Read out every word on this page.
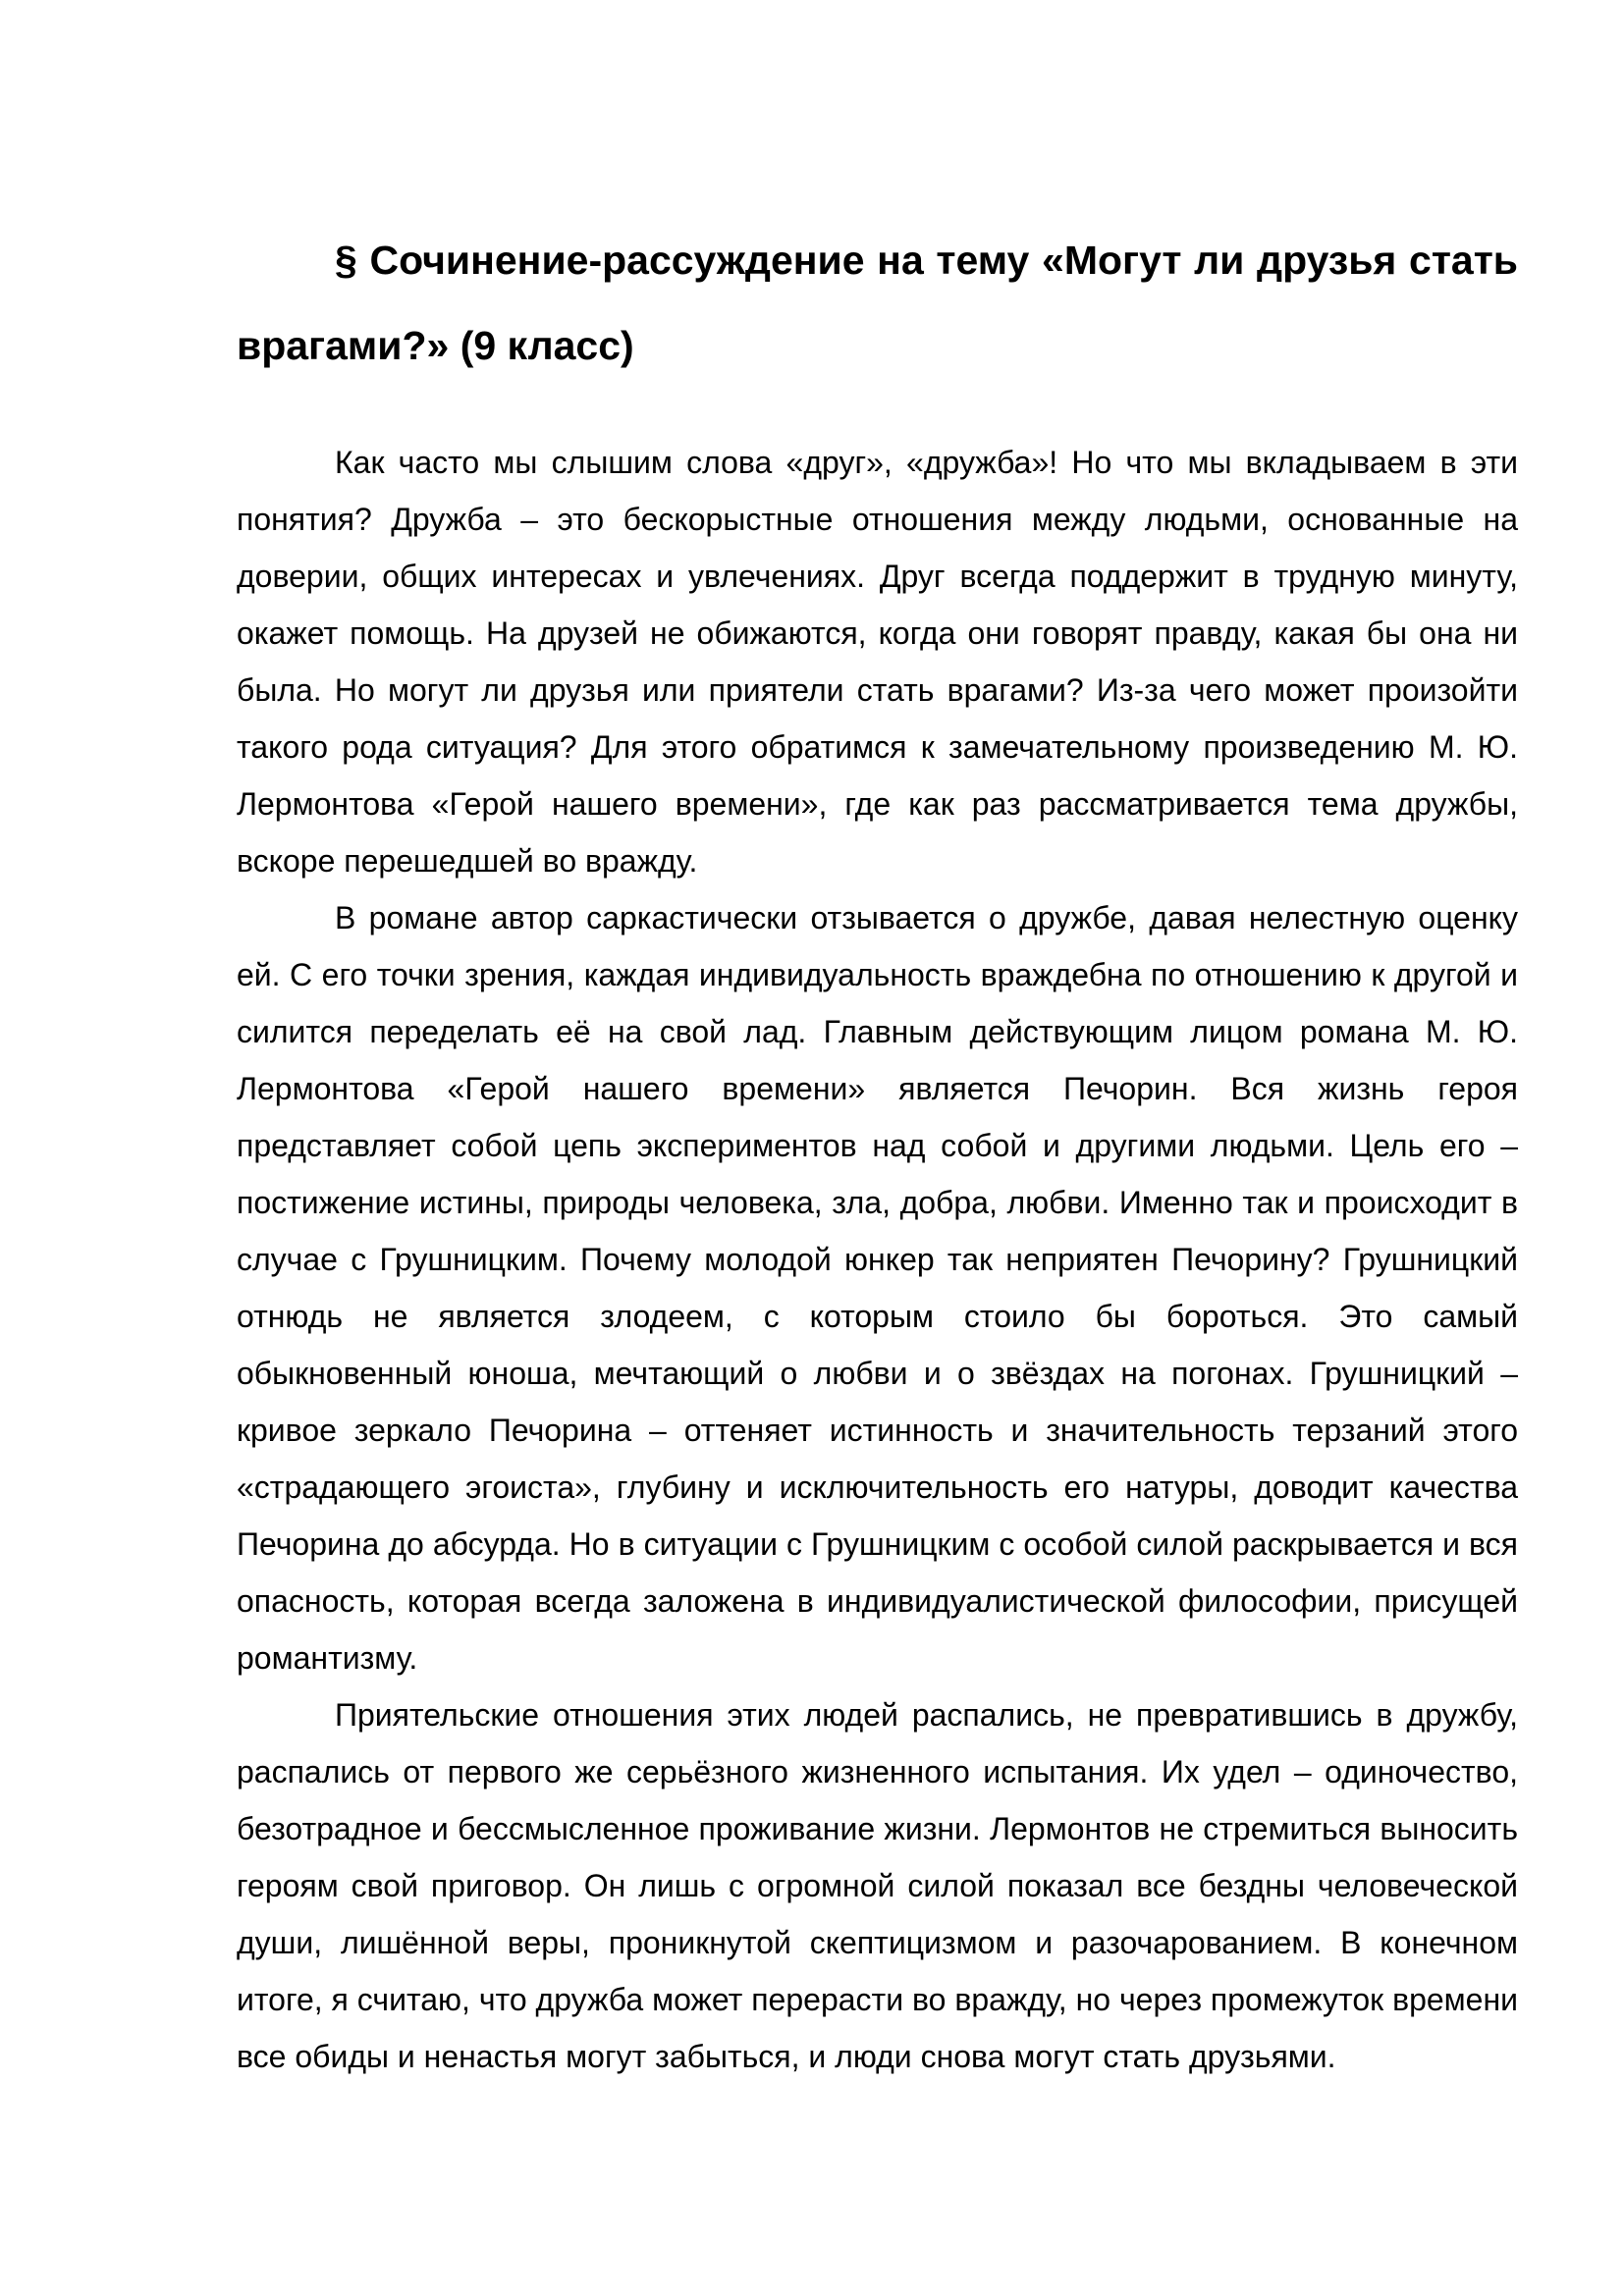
§ Сочинение-рассуждение на тему «Могут ли друзья стать врагами?» (9 класс)

Как часто мы слышим слова «друг», «дружба»! Но что мы вкладываем в эти понятия? Дружба – это бескорыстные отношения между людьми, основанные на доверии, общих интересах и увлечениях. Друг всегда поддержит в трудную минуту, окажет помощь. На друзей не обижаются, когда они говорят правду, какая бы она ни была. Но могут ли друзья или приятели стать врагами? Из-за чего может произойти такого рода ситуация? Для этого обратимся к замечательному произведению М. Ю. Лермонтова «Герой нашего времени», где как раз рассматривается тема дружбы, вскоре перешедшей во вражду.

В романе автор саркастически отзывается о дружбе, давая нелестную оценку ей. С его точки зрения, каждая индивидуальность враждебна по отношению к другой и силится переделать её на свой лад. Главным действующим лицом романа М. Ю. Лермонтова «Герой нашего времени» является Печорин. Вся жизнь героя представляет собой цепь экспериментов над собой и другими людьми. Цель его – постижение истины, природы человека, зла, добра, любви. Именно так и происходит в случае с Грушницким. Почему молодой юнкер так неприятен Печорину? Грушницкий отнюдь не является злодеем, с которым стоило бы бороться. Это самый обыкновенный юноша, мечтающий о любви и о звёздах на погонах. Грушницкий – кривое зеркало Печорина – оттеняет истинность и значительность терзаний этого «страдающего эгоиста», глубину и исключительность его натуры, доводит качества Печорина до абсурда. Но в ситуации с Грушницким с особой силой раскрывается и вся опасность, которая всегда заложена в индивидуалистической философии, присущей романтизму.

Приятельские отношения этих людей распались, не превратившись в дружбу, распались от первого же серьёзного жизненного испытания. Их удел – одиночество, безотрадное и бессмысленное проживание жизни. Лермонтов не стремиться выносить героям свой приговор. Он лишь с огромной силой показал все бездны человеческой души, лишённой веры, проникнутой скептицизмом и разочарованием. В конечном итоге, я считаю, что дружба может перерасти во вражду, но через промежуток времени все обиды и ненастья могут забыться, и люди снова могут стать друзьями.
